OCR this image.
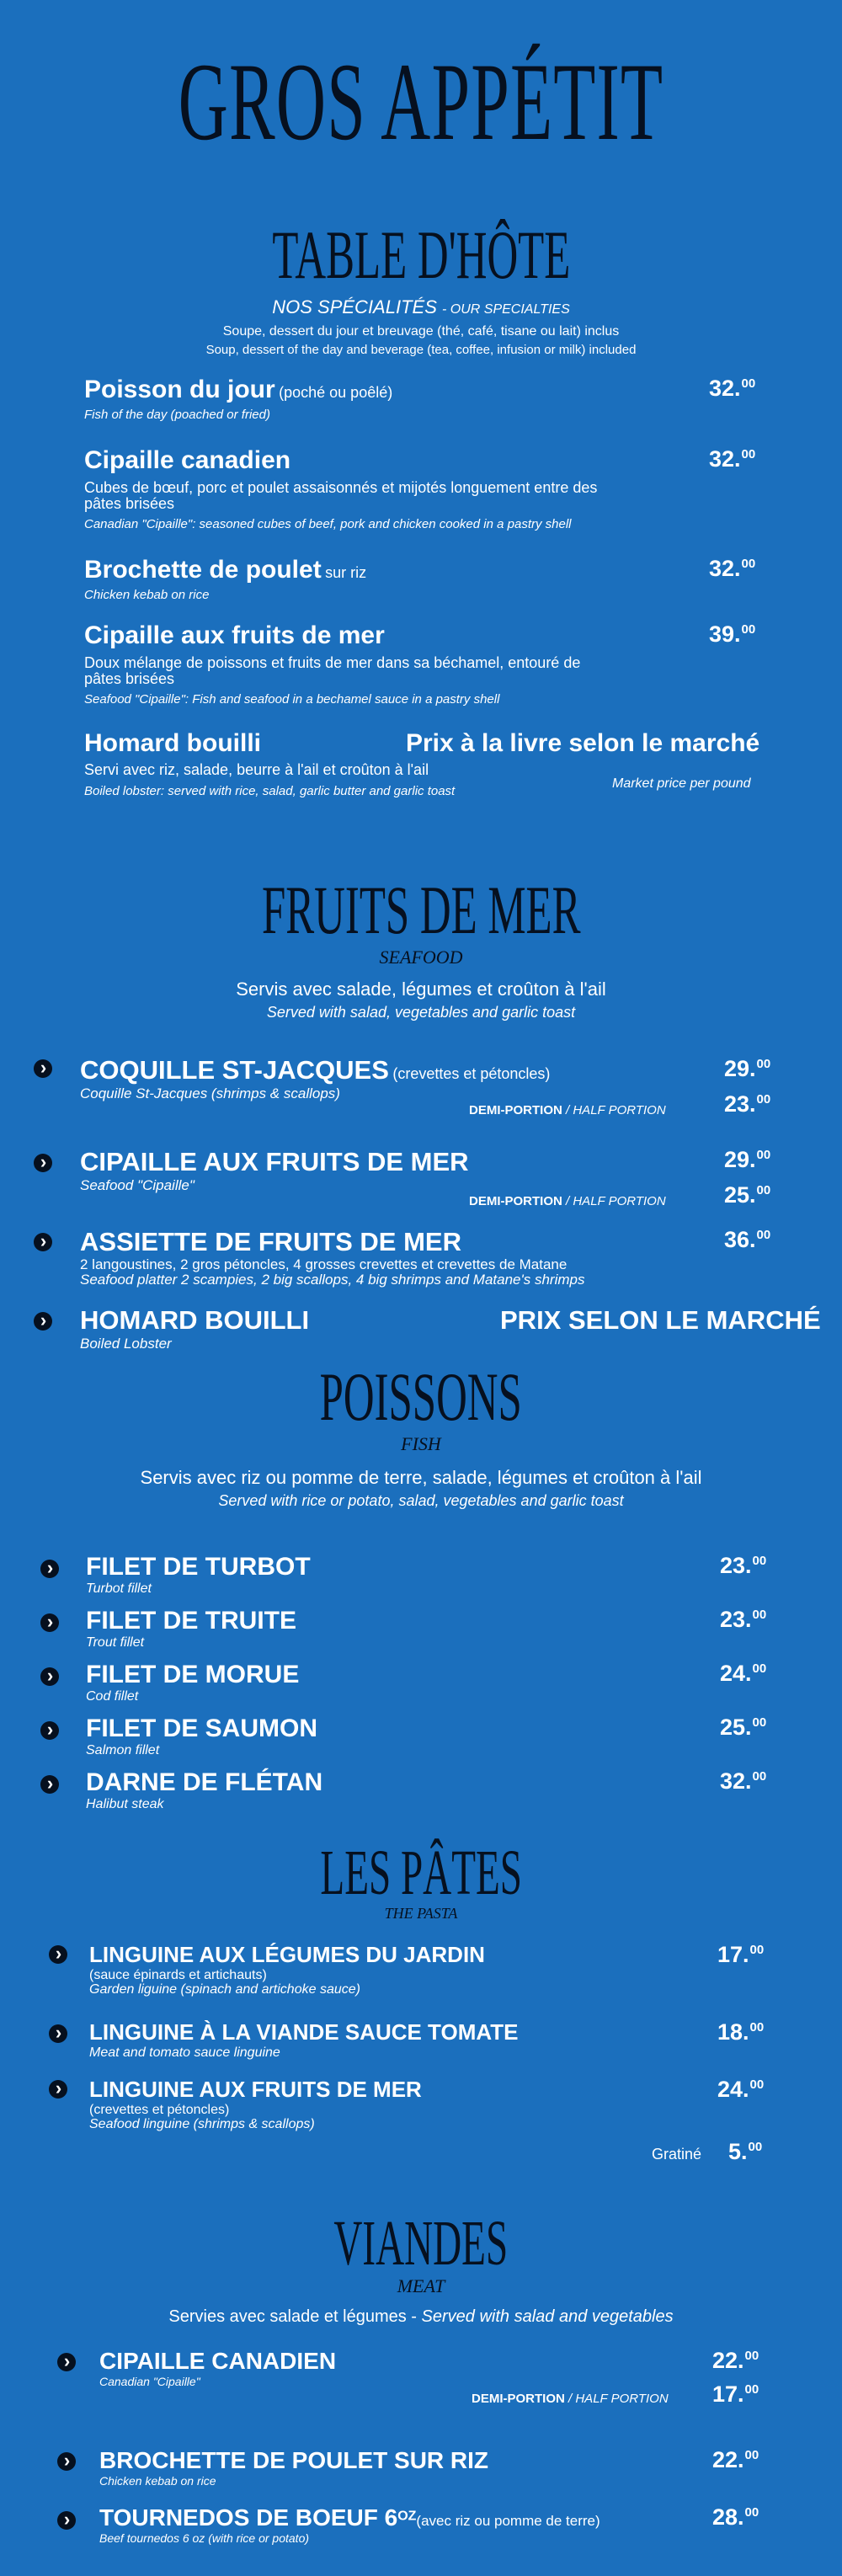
GROS APPÉTIT
TABLE D'HÔTE
NOS SPÉCIALITÉS - OUR SPECIALTIES
Soupe, dessert du jour et breuvage (thé, café, tisane ou lait) inclus
Soup, dessert of the day and beverage (tea, coffee, infusion or milk) included
Poisson du jour (poché ou poêlé)
Fish of the day (poached or fried)
32.00
Cipaille canadien
Cubes de bœuf, porc et poulet assaisonnés et mijotés longuement entre des pâtes brisées
Canadian "Cipaille": seasoned cubes of beef, pork and chicken cooked in a pastry shell
32.00
Brochette de poulet sur riz
Chicken kebab on rice
32.00
Cipaille aux fruits de mer
Doux mélange de poissons et fruits de mer dans sa béchamel, entouré de pâtes brisées
Seafood "Cipaille": Fish and seafood in a bechamel sauce in a pastry shell
39.00
Homard bouilli
Servi avec riz, salade, beurre à l'ail et croûton à l'ail
Boiled lobster: served with rice, salad, garlic butter and garlic toast
Prix à la livre selon le marché
Market price per pound
FRUITS DE MER
SEAFOOD
Servis avec salade, légumes et croûton à l'ail
Served with salad, vegetables and garlic toast
›
COQUILLE ST-JACQUES (crevettes et pétoncles)
Coquille St-Jacques (shrimps & scallops)
29.00
DEMI-PORTION / HALF PORTION	23.00
›
CIPAILLE AUX FRUITS DE MER
Seafood "Cipaille"
29.00
DEMI-PORTION / HALF PORTION	25.00
›
ASSIETTE DE FRUITS DE MER
2 langoustines, 2 gros pétoncles, 4 grosses crevettes et crevettes de Matane
Seafood platter 2 scampies, 2 big scallops, 4 big shrimps and Matane's shrimps
36.00
›
HOMARD BOUILLI
Boiled Lobster
PRIX SELON LE MARCHÉ
POISSONS
FISH
Servis avec riz ou pomme de terre, salade, légumes et croûton à l'ail
Served with rice or potato, salad, vegetables and garlic toast
›
FILET DE TURBOT
Turbot fillet
23.00
›
FILET DE TRUITE
Trout fillet
23.00
›
FILET DE MORUE
Cod fillet
24.00
›
FILET DE SAUMON
Salmon fillet
25.00
›
DARNE DE FLÉTAN
Halibut steak
32.00
LES PÂTES
THE PASTA
›
LINGUINE AUX LÉGUMES DU JARDIN
(sauce épinards et artichauts)
Garden liguine (spinach and artichoke sauce)
17.00
›
LINGUINE À LA VIANDE SAUCE TOMATE
Meat and tomato sauce linguine
18.00
›
LINGUINE AUX FRUITS DE MER
(crevettes et pétoncles)
Seafood linguine (shrimps & scallops)
24.00
Gratiné 5.00
VIANDES
MEAT
Servies avec salade et légumes - Served with salad and vegetables
›
CIPAILLE CANADIEN
Canadian "Cipaille"
22.00
DEMI-PORTION / HALF PORTION 17.00
›
BROCHETTE DE POULET SUR RIZ
Chicken kebab on rice
22.00
›
TOURNEDOS DE BOEUF $6^{OZ}(avec$ riz ou pomme de terre)
Beef tournedos 6 oz (with rice or potato)
28.00
